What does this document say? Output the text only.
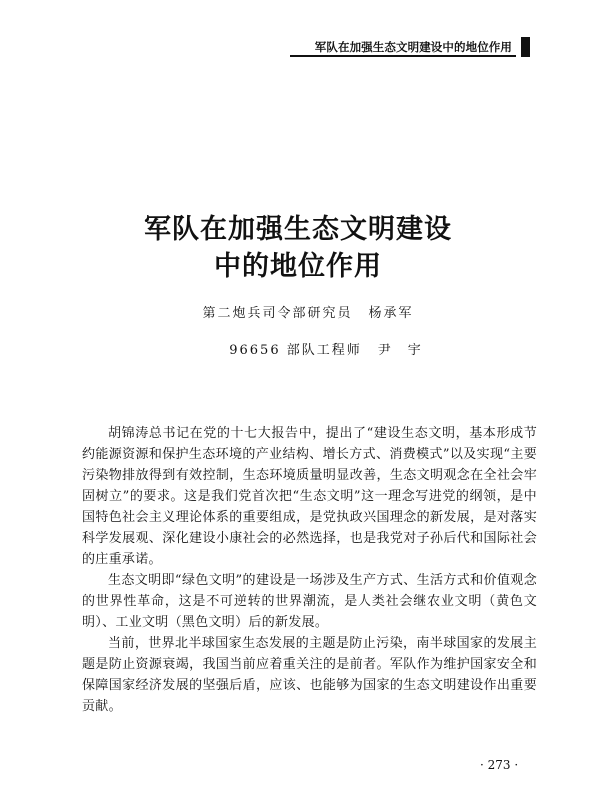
军队在加强生态文明建设中的地位作用
军队在加强生态文明建设
中的地位作用
第二炮兵司令部研究员 杨承军
96656 部队工程师 尹　宇

胡锦涛总书记在党的十七大报告中，提出了“建设生态文明，基本形成节约能源资源和保护生态环境的产业结构、增长方式、消费模式”以及实现“主要污染物排放得到有效控制，生态环境质量明显改善，生态文明观念在全社会牢固树立”的要求。这是我们党首次把“生态文明”这一理念写进党的纲领，是中国特色社会主义理论体系的重要组成，是党执政兴国理念的新发展，是对落实科学发展观、深化建设小康社会的必然选择，也是我党对子孙后代和国际社会的庄重承诺。

生态文明即“绿色文明”的建设是一场涉及生产方式、生活方式和价值观念的世界性革命，这是不可逆转的世界潮流，是人类社会继农业文明（黄色文明）、工业文明（黑色文明）后的新发展。

当前，世界北半球国家生态发展的主题是防止污染，南半球国家的发展主题是防止资源衰竭，我国当前应着重关注的是前者。军队作为维护国家安全和保障国家经济发展的坚强后盾，应该、也能够为国家的生态文明建设作出重要贡献。

· 273 ·
